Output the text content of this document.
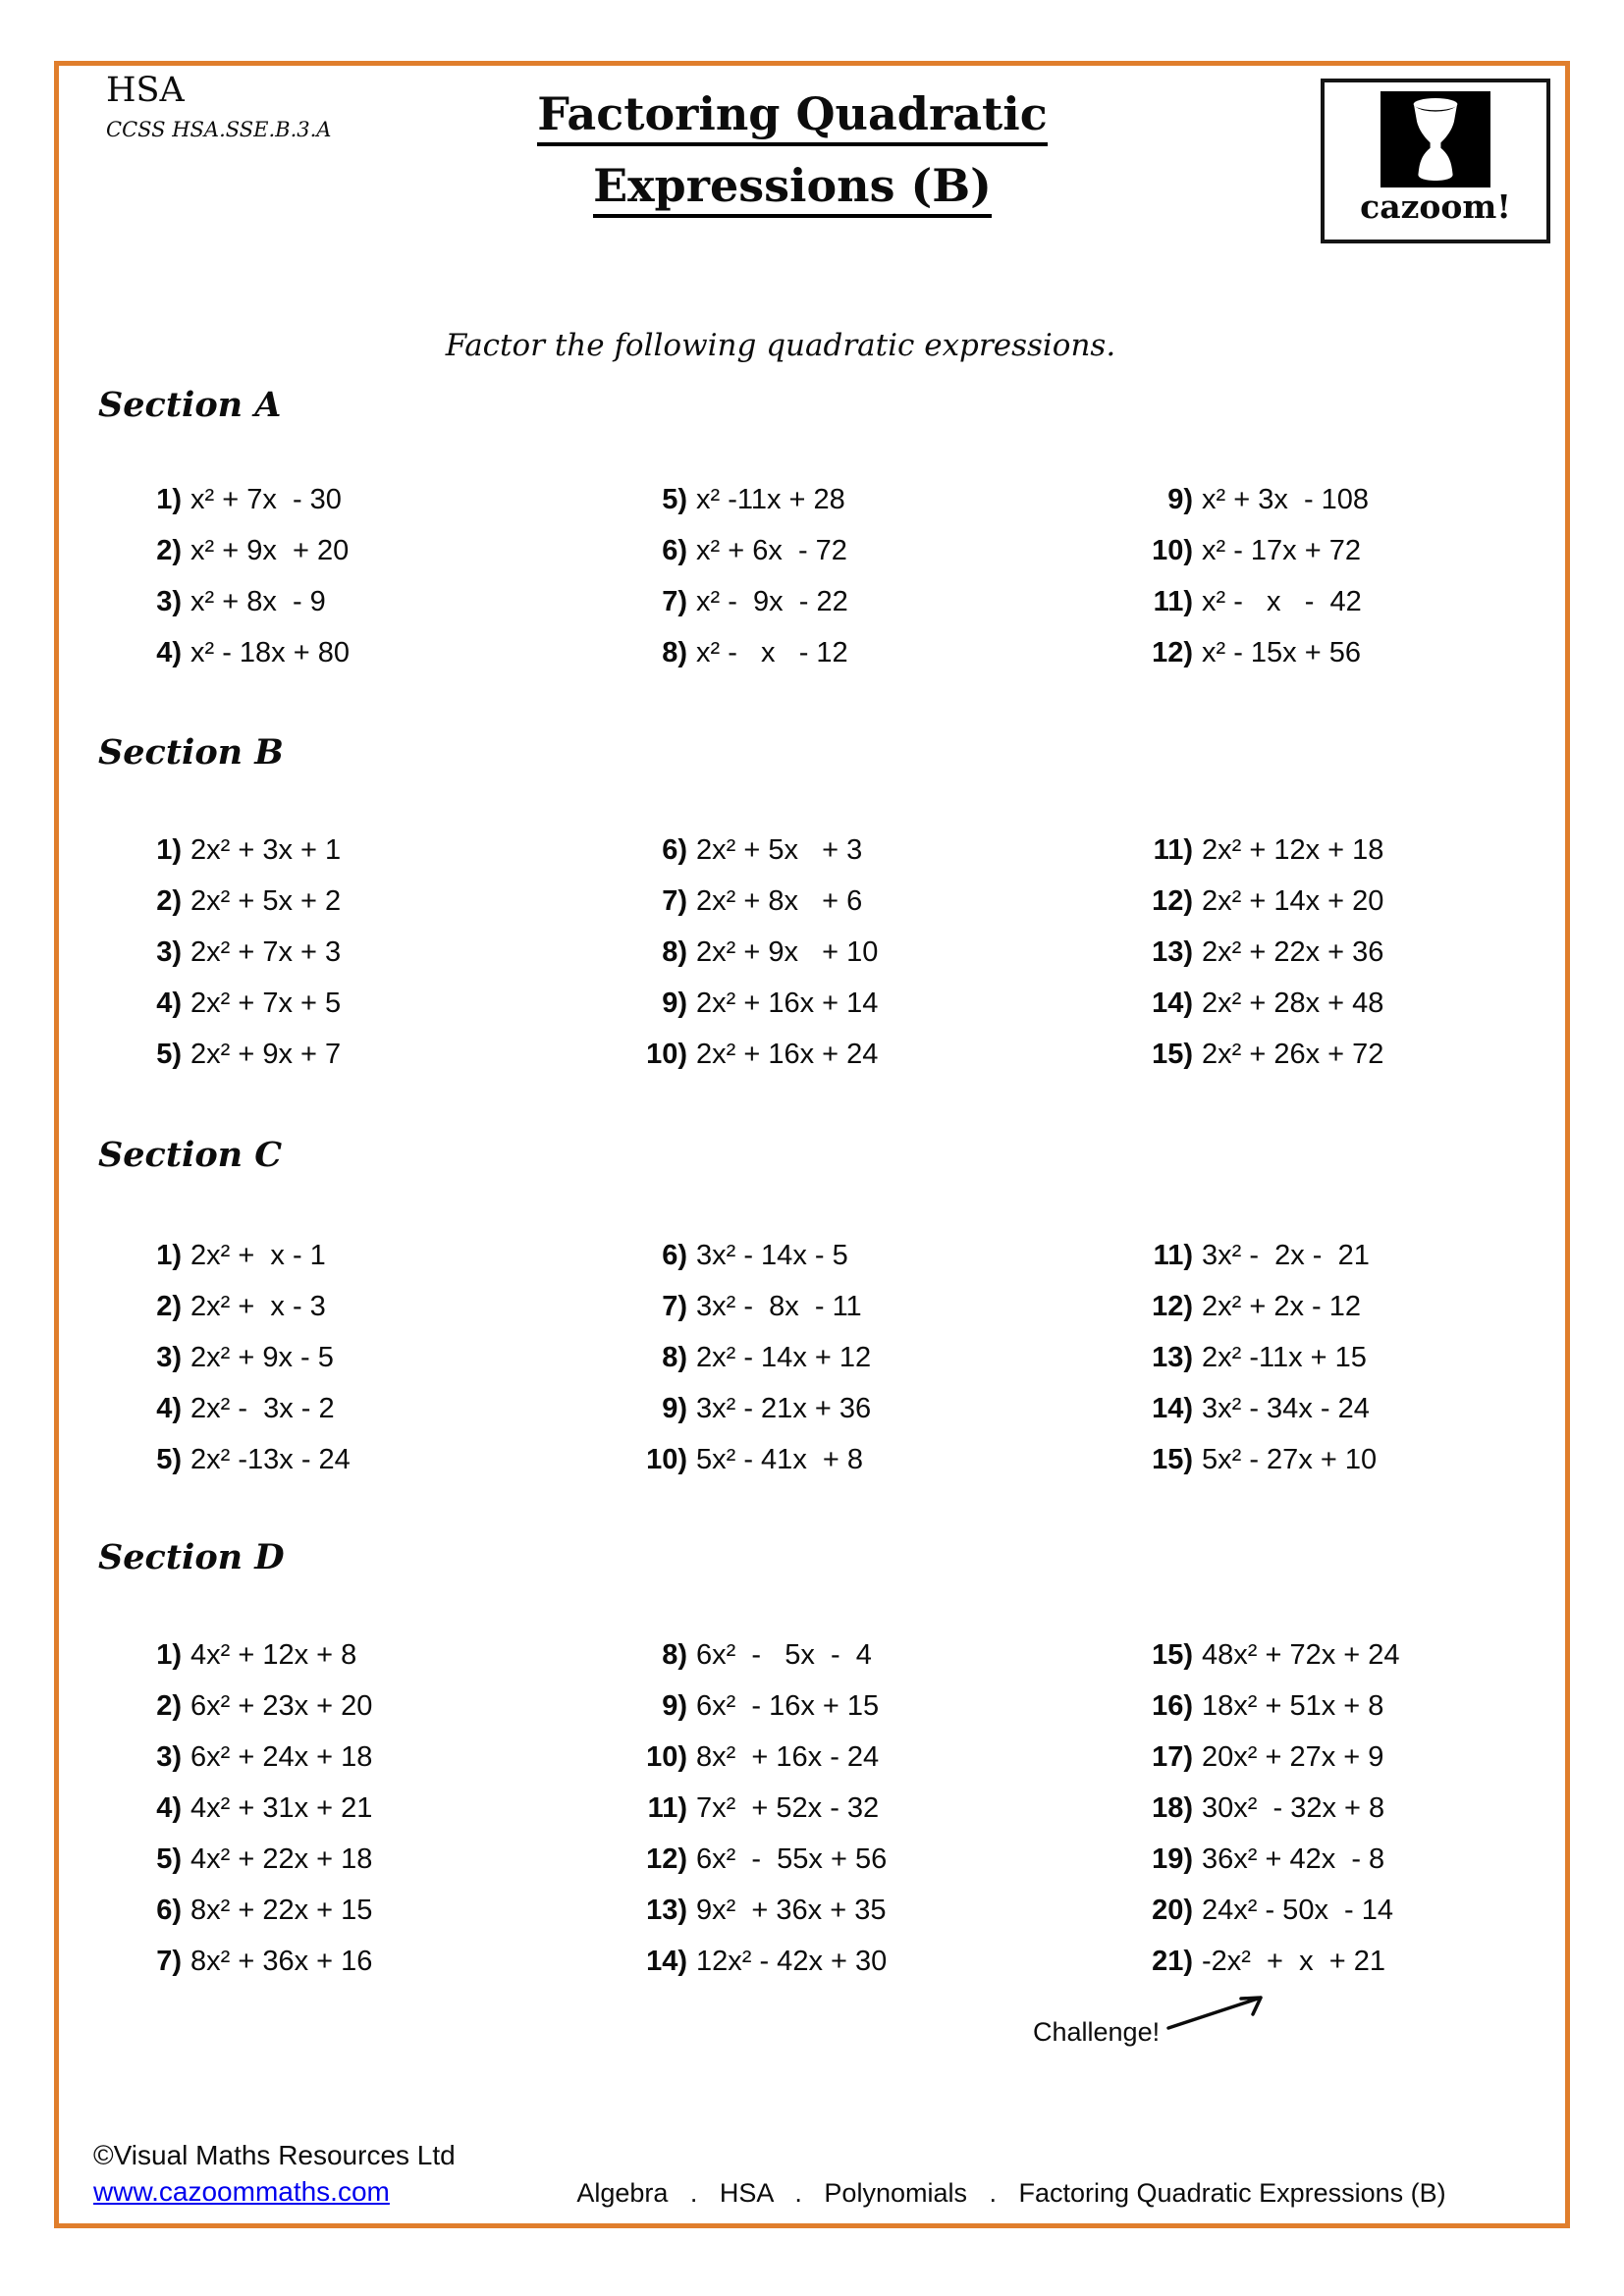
HSA
CCSS HSA.SSE.B.3.A	Factoring Quadratic
Expressions (B)	cazoom!
Factor the following quadratic expressions.
Section A
1) x² + 7x  - 30
2) x² + 9x  + 20
3) x² + 8x  - 9
4) x² - 18x + 80
5) x² -11x + 28
6) x² + 6x  - 72
7) x² -  9x  - 22
8) x² -   x   - 12
9) x² + 3x  - 108
10) x² - 17x + 72
11) x² -   x   -  42
12) x² - 15x + 56
Section B
1) 2x² + 3x + 1
2) 2x² + 5x + 2
3) 2x² + 7x + 3
4) 2x² + 7x + 5
5) 2x² + 9x + 7
6) 2x² + 5x   + 3
7) 2x² + 8x   + 6
8) 2x² + 9x   + 10
9) 2x² + 16x + 14
10) 2x² + 16x + 24
11) 2x² + 12x + 18
12) 2x² + 14x + 20
13) 2x² + 22x + 36
14) 2x² + 28x + 48
15) 2x² + 26x + 72
Section C
1) 2x² +  x - 1
2) 2x² +  x - 3
3) 2x² + 9x - 5
4) 2x² -  3x - 2
5) 2x² -13x - 24
6) 3x² - 14x - 5
7) 3x² -  8x  - 11
8) 2x² - 14x + 12
9) 3x² - 21x + 36
10) 5x² - 41x  + 8
11) 3x² -  2x -  21
12) 2x² + 2x - 12
13) 2x² -11x + 15
14) 3x² - 34x - 24
15) 5x² - 27x + 10
Section D
1) 4x² + 12x + 8
2) 6x² + 23x + 20
3) 6x² + 24x + 18
4) 4x² + 31x + 21
5) 4x² + 22x + 18
6) 8x² + 22x + 15
7) 8x² + 36x + 16
8) 6x²  -   5x  -  4
9) 6x²  - 16x + 15
10) 8x²  + 16x - 24
11) 7x²  + 52x - 32
12) 6x²  -  55x + 56
13) 9x²  + 36x + 35
14) 12x² - 42x + 30
15) 48x² + 72x + 24
16) 18x² + 51x + 8
17) 20x² + 27x + 9
18) 30x²  - 32x + 8
19) 36x² + 42x  - 8
20) 24x² - 50x  - 14
21) -2x²  +  x  + 21
Challenge!
©Visual Maths Resources Ltd
www.cazoommaths.com	Algebra   .   HSA   .   Polynomials   .   Factoring Quadratic Expressions (B)
